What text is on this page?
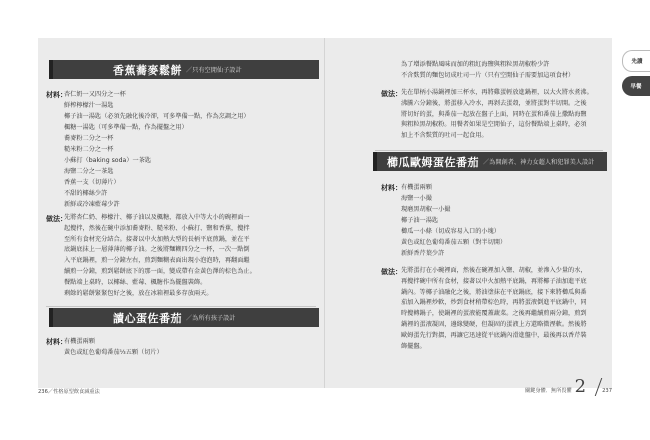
香蕉蕎麥鬆餅 ／只有空閒仙子設計
材料：
杏仁奶一又四分之一杯
鮮榨檸檬汁一湯匙
椰子油一湯匙（必須先融化後冷卻，可多準備一點，作為烹調之用）
楓糖一湯匙（可多準備一點，作為擺盤之用）
蕎麥粉二分之一杯
糙米粉二分之一杯
小蘇打（baking soda）一茶匙
海鹽二分之一茶匙
香蕉一支（切薄片）
不甜的椰絲少許
新鮮或冷凍藍莓少許
做法：
先將杏仁奶、檸檬汁、椰子油以及楓糖，都放入中等大小的碗裡面一
起攪拌，然後在碗中添加蕎麥粉、糙米粉、小蘇打、鹽和香蕉，攪拌
至所有食材充分結合。接著以中火加熱大型的長柄平底煎鍋，並在平
底鍋底抹上一層薄薄的椰子油。之後將麵糊四分之一杯，一次一點倒
入平底鍋裡，煎一分鐘左右，煎到麵糊表面出現小泡泡時，再翻面繼
續煎一分鐘，煎到鬆餅底下的那一面，變成帶有金黃色澤的棕色為止。
餐點端上桌時，以椰絲、藍莓、楓糖作為擺盤裝飾。
剩餘的鬆餅緊緊包好之後，放在冰箱裡最多存放兩天。
讀心蛋佐番茄 ／為所有孩子設計
材料：
有機蛋兩顆
黃色或紅色葡萄番茄⅓五顆（切片）
236／性格原型飲食減重法
為了增添餐點風味而加的粗紅海鹽與粗粒黑胡椒粉少許
不含麩質的麵包切成吐司一片（只有空閒仙子需要加這項食材）
做法： 先在單柄小湯鍋裡加三杯水，再將雞蛋輕放進鍋裡，以大火將水煮沸。
沸騰六分鐘後，將蛋移入冷水，再剝去蛋殼，並將蛋對半切開。之後
將切好的蛋，與番茄一起放在盤子上面，同時在蛋和番茄上撒點海鹽
與粗粒黑胡椒粉。用餐者如果是空閒仙子，這份餐點端上桌時，必須
加上不含麩質的吐司一起食用。
櫛瓜歐姆蛋佐番茄 ／為開創者、神力女超人和犯罪美人設計
材料： 有機蛋兩顆
海鹽一小撮
現磨黑胡椒一小撮
椰子油一湯匙
櫛瓜一小條（切成容易入口的小塊）
黃色或紅色葡萄番茄五顆（對半切開）
新鮮香芹葉少許
做法： 先將蛋打在小碗裡面，然後在碗裡加入鹽、胡椒，並滲入少量的水，
再攪拌碗中所有食材，接著以中火加熱平底鍋，再將椰子油加進平底
鍋內。等椰子油融化之後，將油塗抹在平底鍋底，接下來將櫛瓜與番
茄加入鍋裡炒軟，炒到食材稍帶棕色時，再將蛋液倒進平底鍋中，同
時攪轉鍋子，使鍋裡的蛋液能覆蓋蔬菜。之後再繼續煎兩分鐘，煎到
鍋裡的蛋液凝固，邊緣變硬，但凝固的蛋液上方還略微溼軟。然後將
歐姆蛋先行對摺，再讓它迅速從平底鍋內滑進盤中，最後再以香芹裝
飾擺盤。
關鍵身體．無所畏懼 2	237
先讀
早餐
